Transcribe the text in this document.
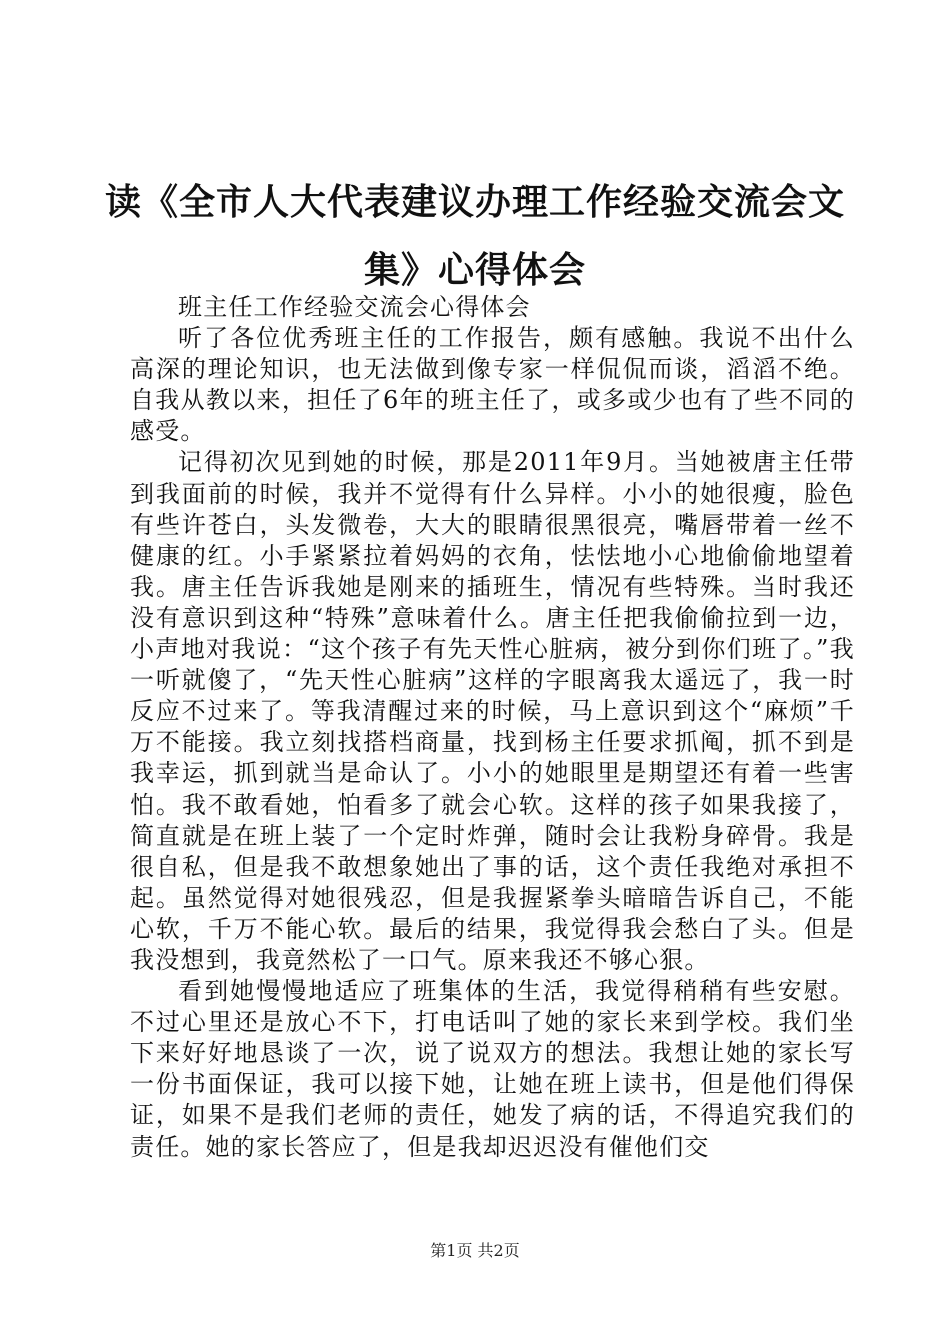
读《全市人大代表建议办理工作经验交流会文
集》心得体会

班主任工作经验交流会心得体会

听了各位优秀班主任的工作报告，颇有感触。我说不出什么高深的理论知识，也无法做到像专家一样侃侃而谈，滔滔不绝。自我从教以来，担任了6年的班主任了，或多或少也有了些不同的感受。

记得初次见到她的时候，那是2011年9月。当她被唐主任带到我面前的时候，我并不觉得有什么异样。小小的她很瘦，脸色有些许苍白，头发微卷，大大的眼睛很黑很亮，嘴唇带着一丝不健康的红。小手紧紧拉着妈妈的衣角，怯怯地小心地偷偷地望着我。唐主任告诉我她是刚来的插班生，情况有些特殊。当时我还没有意识到这种“特殊”意味着什么。唐主任把我偷偷拉到一边，小声地对我说：“这个孩子有先天性心脏病，被分到你们班了。”我一听就傻了，“先天性心脏病”这样的字眼离我太遥远了，我一时反应不过来了。等我清醒过来的时候，马上意识到这个“麻烦”千万不能接。我立刻找搭档商量，找到杨主任要求抓阄，抓不到是我幸运，抓到就当是命认了。小小的她眼里是期望还有着一些害怕。我不敢看她，怕看多了就会心软。这样的孩子如果我接了，简直就是在班上装了一个定时炸弹，随时会让我粉身碎骨。我是很自私，但是我不敢想象她出了事的话，这个责任我绝对承担不起。虽然觉得对她很残忍，但是我握紧拳头暗暗告诉自己，不能心软，千万不能心软。最后的结果，我觉得我会愁白了头。但是我没想到，我竟然松了一口气。原来我还不够心狠。

看到她慢慢地适应了班集体的生活，我觉得稍稍有些安慰。不过心里还是放心不下，打电话叫了她的家长来到学校。我们坐下来好好地恳谈了一次，说了说双方的想法。我想让她的家长写一份书面保证，我可以接下她，让她在班上读书，但是他们得保证，如果不是我们老师的责任，她发了病的话，不得追究我们的责任。她的家长答应了，但是我却迟迟没有催他们交

第1页 共2页
